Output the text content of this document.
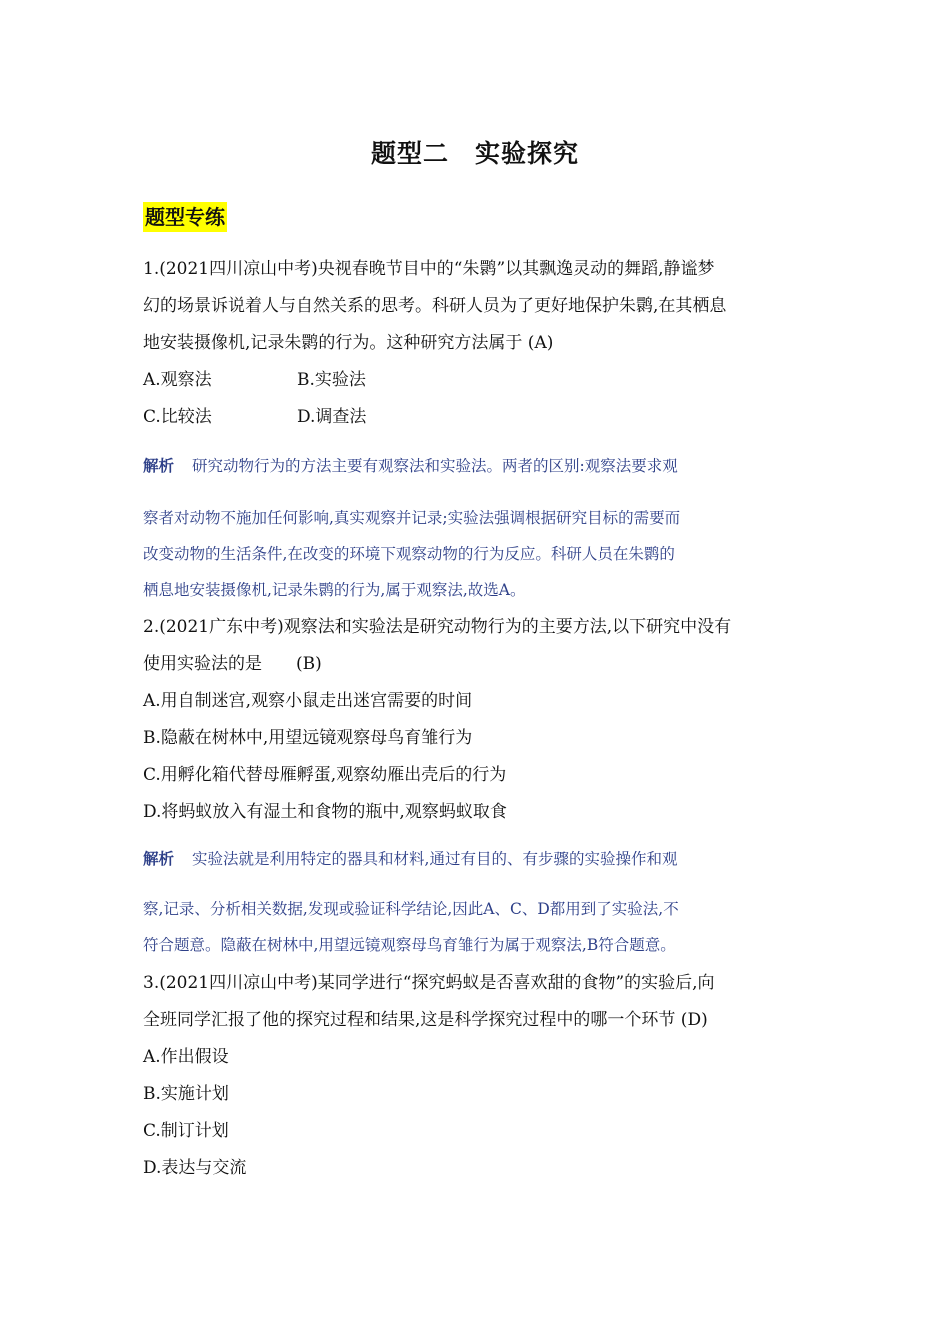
题型二　实验探究
题型专练

1.(2021四川凉山中考)央视春晚节目中的“朱鹮”以其飘逸灵动的舞蹈,静谧梦

幻的场景诉说着人与自然关系的思考。科研人员为了更好地保护朱鹮,在其栖息

地安装摄像机,记录朱鹮的行为。这种研究方法属于 (A)

A.观察法	B.实验法

C.比较法	D.调查法

解析 研究动物行为的方法主要有观察法和实验法。两者的区别:观察法要求观

察者对动物不施加任何影响,真实观察并记录;实验法强调根据研究目标的需要而

改变动物的生活条件,在改变的环境下观察动物的行为反应。科研人员在朱鹮的

栖息地安装摄像机,记录朱鹮的行为,属于观察法,故选A。

2.(2021广东中考)观察法和实验法是研究动物行为的主要方法,以下研究中没有

使用实验法的是　　(B)

A.用自制迷宫,观察小鼠走出迷宫需要的时间

B.隐蔽在树林中,用望远镜观察母鸟育雏行为

C.用孵化箱代替母雁孵蛋,观察幼雁出壳后的行为

D.将蚂蚁放入有湿土和食物的瓶中,观察蚂蚁取食

解析 实验法就是利用特定的器具和材料,通过有目的、有步骤的实验操作和观

察,记录、分析相关数据,发现或验证科学结论,因此A、C、D都用到了实验法,不

符合题意。隐蔽在树林中,用望远镜观察母鸟育雏行为属于观察法,B符合题意。

3.(2021四川凉山中考)某同学进行“探究蚂蚁是否喜欢甜的食物”的实验后,向

全班同学汇报了他的探究过程和结果,这是科学探究过程中的哪一个环节 (D)

A.作出假设

B.实施计划

C.制订计划

D.表达与交流
